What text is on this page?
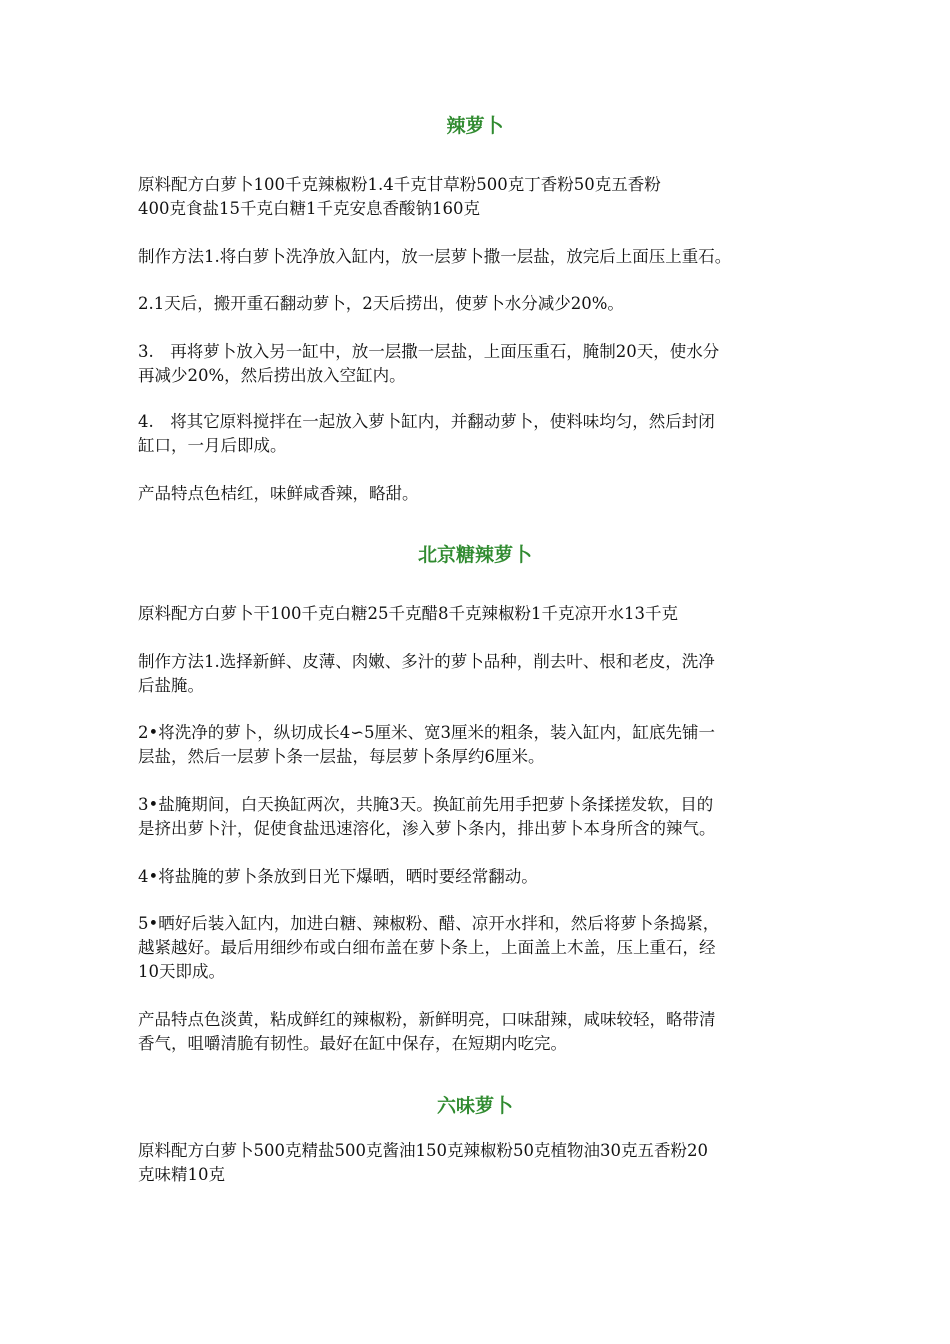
辣萝卜

原料配方白萝卜100千克辣椒粉1.4千克甘草粉500克丁香粉50克五香粉
400克食盐15千克白糖1千克安息香酸钠160克

制作方法1.将白萝卜洗净放入缸内，放一层萝卜撒一层盐，放完后上面压上重石。

2.1天后，搬开重石翻动萝卜，2天后捞出，使萝卜水分减少20%。

3.　再将萝卜放入另一缸中，放一层撒一层盐，上面压重石，腌制20天，使水分
再减少20%，然后捞出放入空缸内。

4.　将其它原料搅拌在一起放入萝卜缸内，并翻动萝卜，使料味均匀，然后封闭
缸口，一月后即成。

产品特点色桔红，味鲜咸香辣，略甜。

北京糖辣萝卜

原料配方白萝卜干100千克白糖25千克醋8千克辣椒粉1千克凉开水13千克

制作方法1.选择新鲜、皮薄、肉嫩、多汁的萝卜品种，削去叶、根和老皮，洗净
后盐腌。

2•将洗净的萝卜，纵切成长4∽5厘米、宽3厘米的粗条，装入缸内，缸底先铺一
层盐，然后一层萝卜条一层盐，每层萝卜条厚约6厘米。

3•盐腌期间，白天换缸两次，共腌3天。换缸前先用手把萝卜条揉搓发软，目的
是挤出萝卜汁，促使食盐迅速溶化，渗入萝卜条内，排出萝卜本身所含的辣气。

4•将盐腌的萝卜条放到日光下爆晒，晒时要经常翻动。

5•晒好后装入缸内，加进白糖、辣椒粉、醋、凉开水拌和，然后将萝卜条捣紧，
越紧越好。最后用细纱布或白细布盖在萝卜条上，上面盖上木盖，压上重石，经
10天即成。

产品特点色淡黄，粘成鲜红的辣椒粉，新鲜明亮，口味甜辣，咸味较轻，略带清
香气，咀嚼清脆有韧性。最好在缸中保存，在短期内吃完。

六味萝卜

原料配方白萝卜500克精盐500克酱油150克辣椒粉50克植物油30克五香粉20
克味精10克
